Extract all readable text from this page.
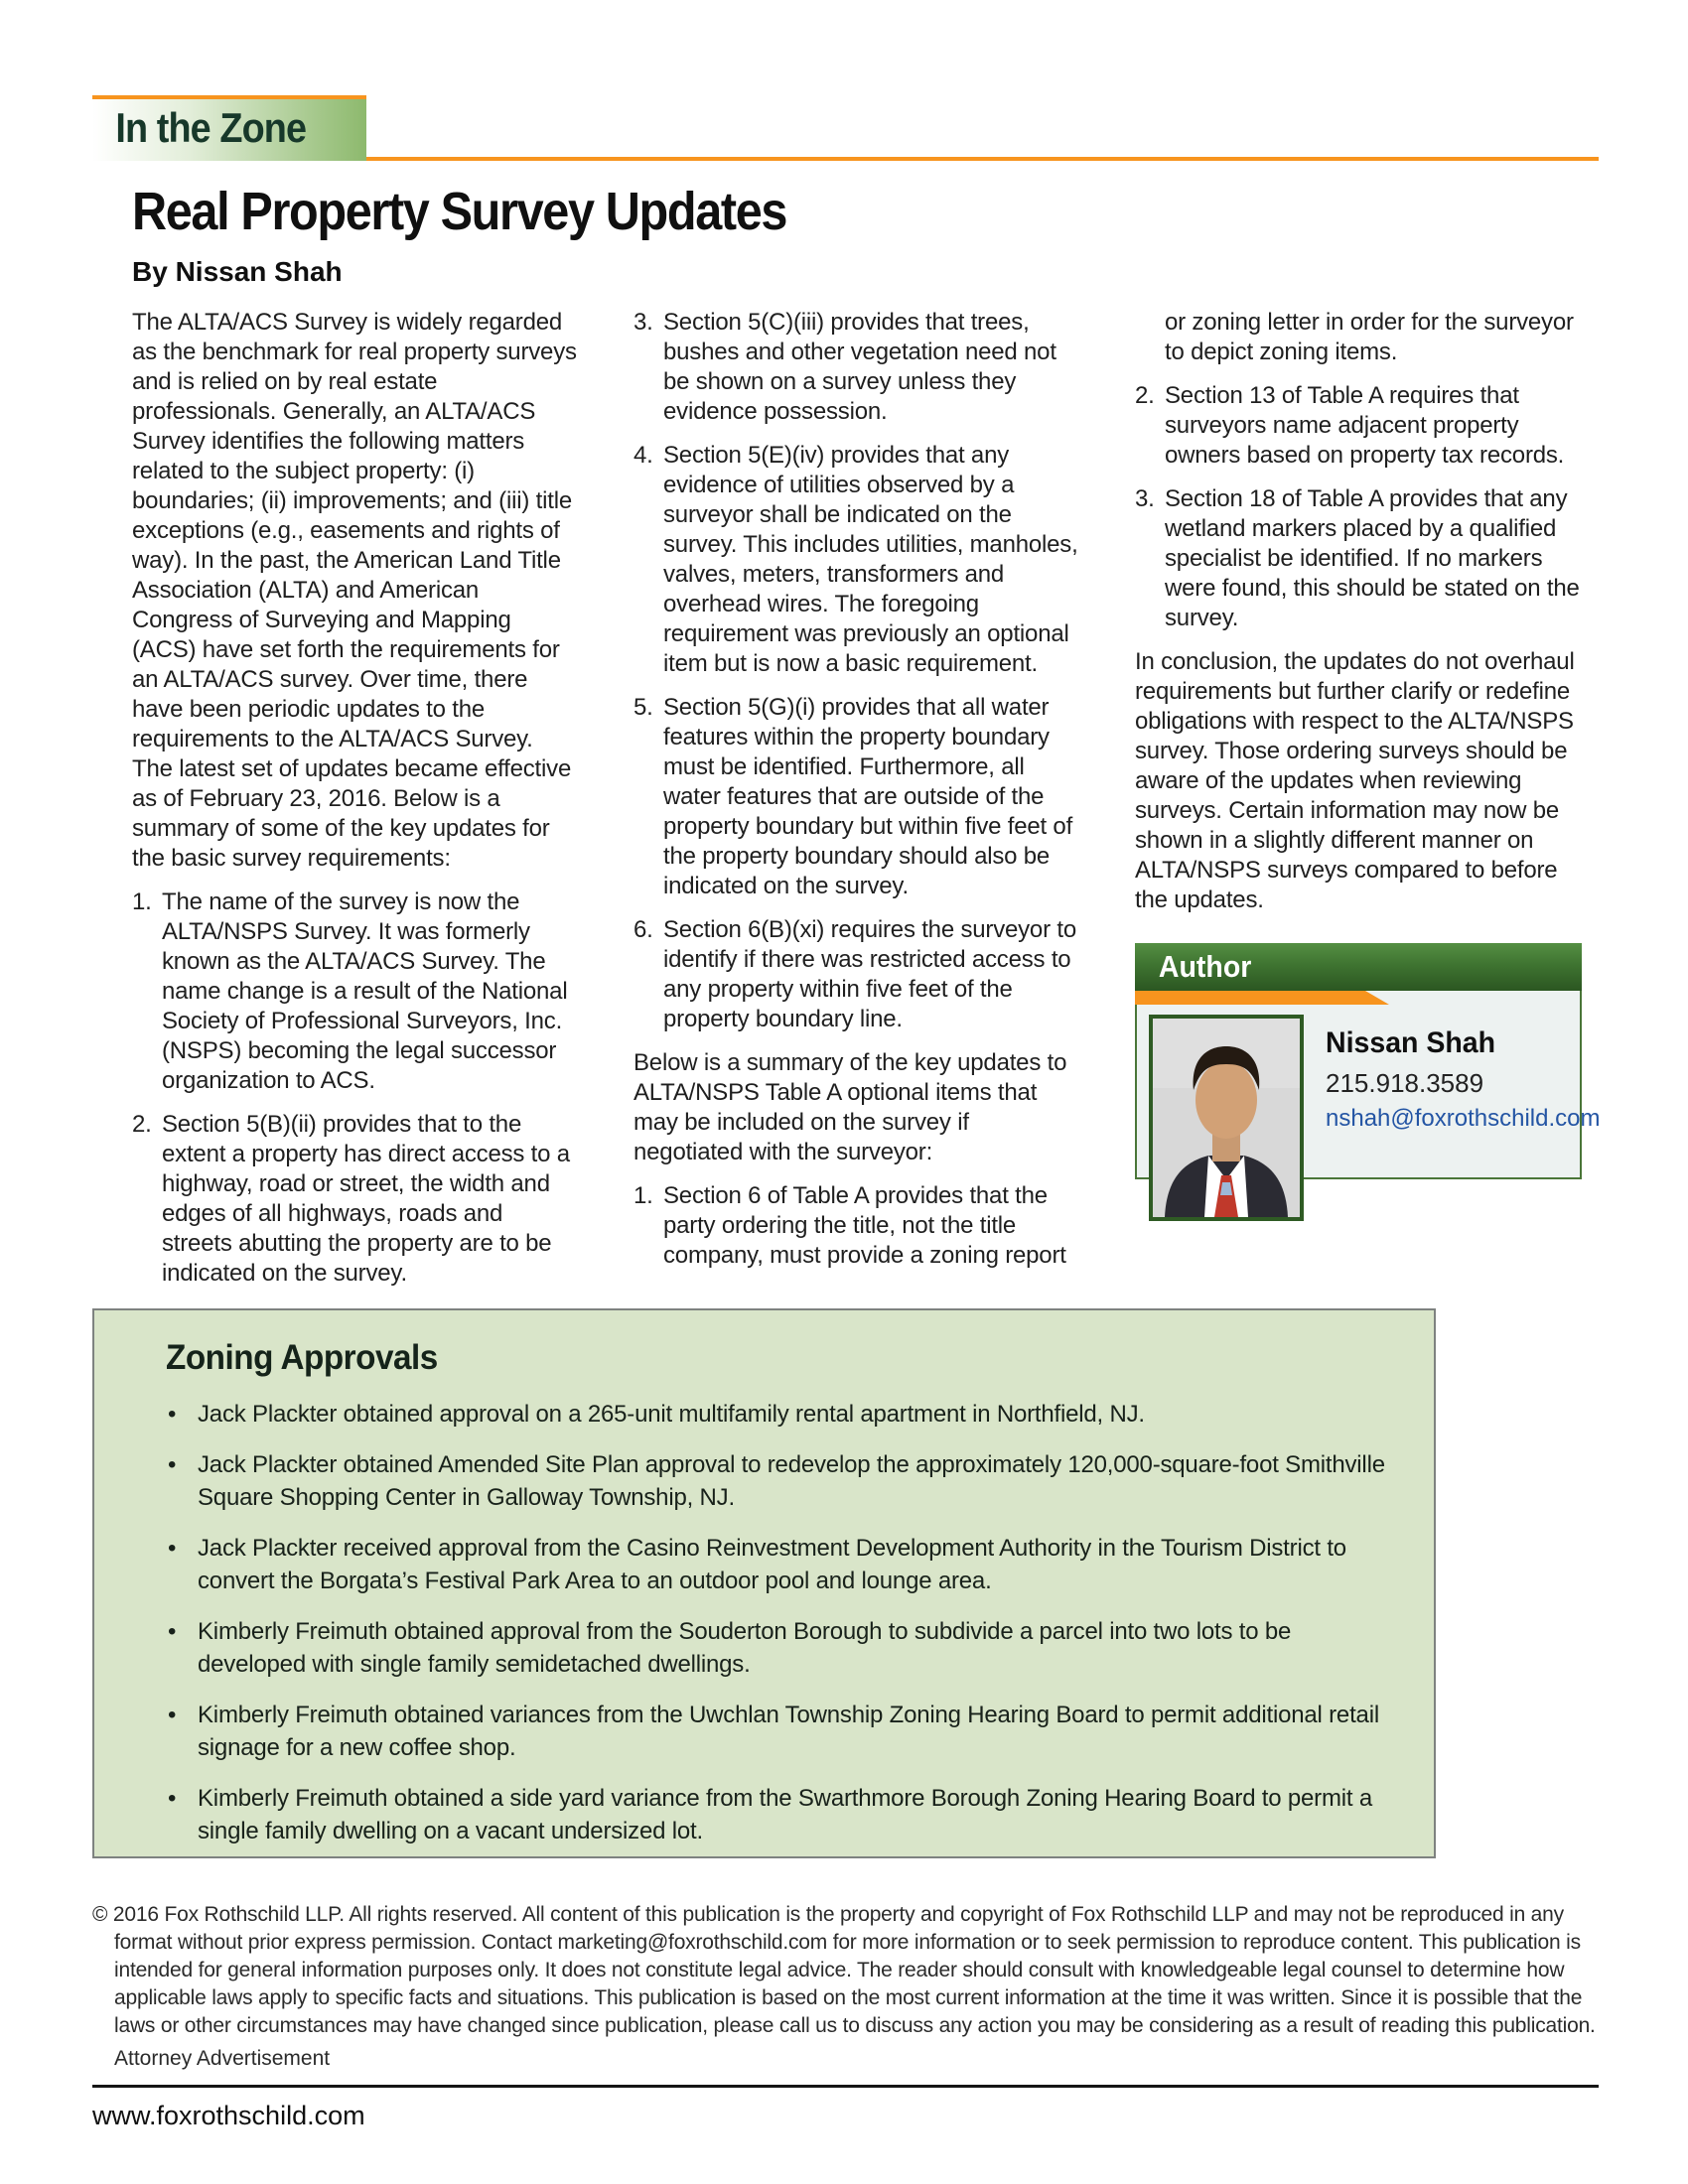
In the Zone
Real Property Survey Updates
By Nissan Shah

The ALTA/ACS Survey is widely regarded as the benchmark for real property surveys and is relied on by real estate professionals. Generally, an ALTA/ACS Survey identifies the following matters related to the subject property: (i) boundaries; (ii) improvements; and (iii) title exceptions (e.g., easements and rights of way). In the past, the American Land Title Association (ALTA) and American Congress of Surveying and Mapping (ACS) have set forth the requirements for an ALTA/ACS survey. Over time, there have been periodic updates to the requirements to the ALTA/ACS Survey. The latest set of updates became effective as of February 23, 2016. Below is a summary of some of the key updates for the basic survey requirements:

1. The name of the survey is now the ALTA/NSPS Survey. It was formerly known as the ALTA/ACS Survey. The name change is a result of the National Society of Professional Surveyors, Inc. (NSPS) becoming the legal successor organization to ACS.
2. Section 5(B)(ii) provides that to the extent a property has direct access to a highway, road or street, the width and edges of all highways, roads and streets abutting the property are to be indicated on the survey.
3. Section 5(C)(iii) provides that trees, bushes and other vegetation need not be shown on a survey unless they evidence possession.
4. Section 5(E)(iv) provides that any evidence of utilities observed by a surveyor shall be indicated on the survey. This includes utilities, manholes, valves, meters, transformers and overhead wires. The foregoing requirement was previously an optional item but is now a basic requirement.
5. Section 5(G)(i) provides that all water features within the property boundary must be identified. Furthermore, all water features that are outside of the property boundary but within five feet of the property boundary should also be indicated on the survey.
6. Section 6(B)(xi) requires the surveyor to identify if there was restricted access to any property within five feet of the property boundary line.

Below is a summary of the key updates to ALTA/NSPS Table A optional items that may be included on the survey if negotiated with the surveyor:

1. Section 6 of Table A provides that the party ordering the title, not the title company, must provide a zoning report

or zoning letter in order for the surveyor to depict zoning items.

2. Section 13 of Table A requires that surveyors name adjacent property owners based on property tax records.
3. Section 18 of Table A provides that any wetland markers placed by a qualified specialist be identified. If no markers were found, this should be stated on the survey.

In conclusion, the updates do not overhaul requirements but further clarify or redefine obligations with respect to the ALTA/NSPS survey. Those ordering surveys should be aware of the updates when reviewing surveys. Certain information may now be shown in a slightly different manner on ALTA/NSPS surveys compared to before the updates.

Author
Nissan Shah
215.918.3589
nshah@foxrothschild.com
Zoning Approvals
• Jack Plackter obtained approval on a 265-unit multifamily rental apartment in Northfield, NJ.
• Jack Plackter obtained Amended Site Plan approval to redevelop the approximately 120,000-square-foot Smithville Square Shopping Center in Galloway Township, NJ.
• Jack Plackter received approval from the Casino Reinvestment Development Authority in the Tourism District to convert the Borgata’s Festival Park Area to an outdoor pool and lounge area.
• Kimberly Freimuth obtained approval from the Souderton Borough to subdivide a parcel into two lots to be developed with single family semidetached dwellings.
• Kimberly Freimuth obtained variances from the Uwchlan Township Zoning Hearing Board to permit additional retail signage for a new coffee shop.
• Kimberly Freimuth obtained a side yard variance from the Swarthmore Borough Zoning Hearing Board to permit a single family dwelling on a vacant undersized lot.
© 2016 Fox Rothschild LLP. All rights reserved. All content of this publication is the property and copyright of Fox Rothschild LLP and may not be reproduced in any format without prior express permission. Contact marketing@foxrothschild.com for more information or to seek permission to reproduce content. This publication is intended for general information purposes only. It does not constitute legal advice. The reader should consult with knowledgeable legal counsel to determine how applicable laws apply to specific facts and situations. This publication is based on the most current information at the time it was written. Since it is possible that the laws or other circumstances may have changed since publication, please call us to discuss any action you may be considering as a result of reading this publication.
Attorney Advertisement
www.foxrothschild.com
